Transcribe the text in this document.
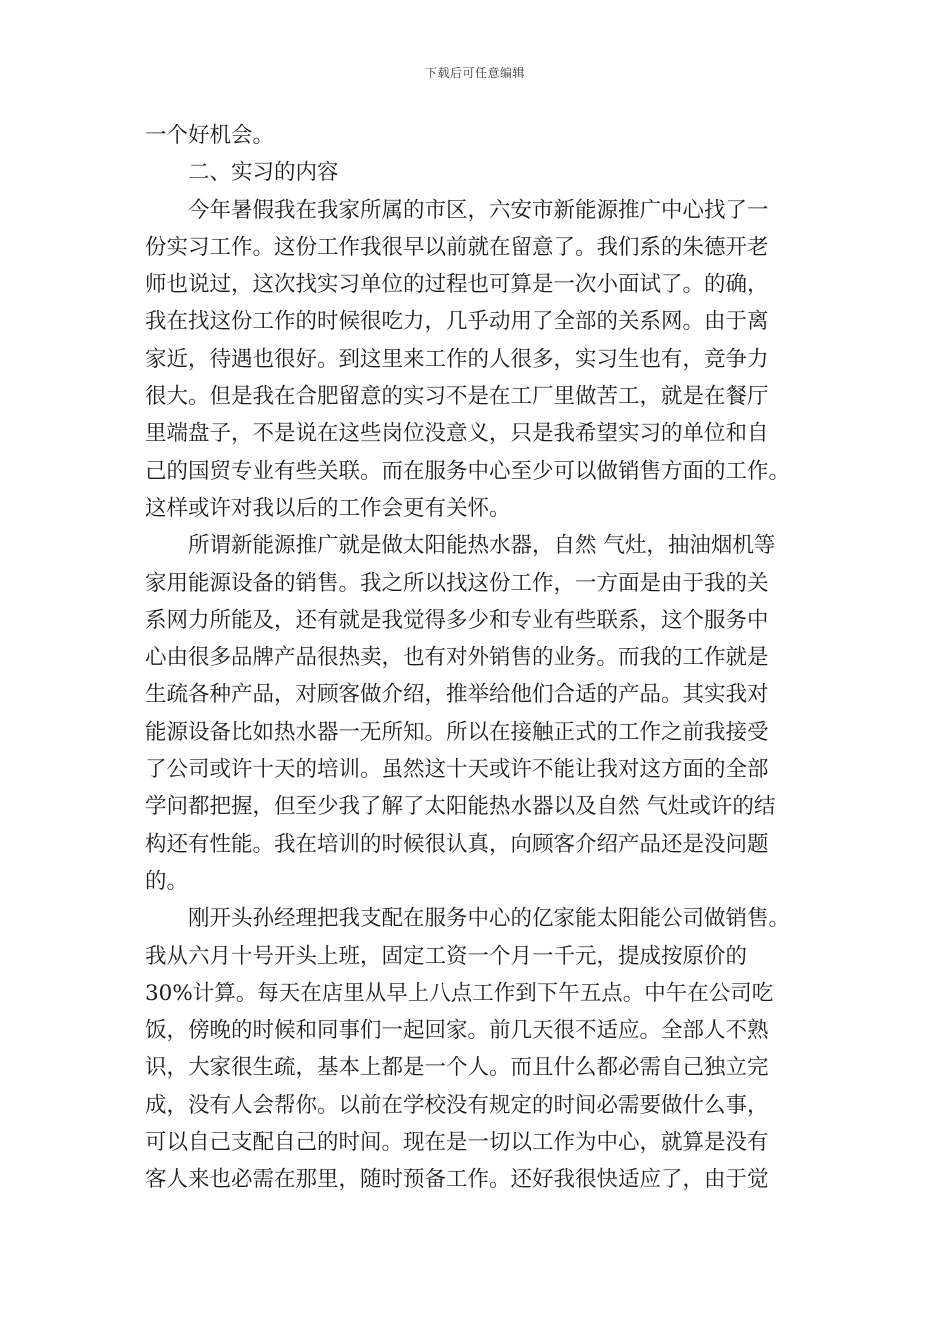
下载后可任意编辑
一个好机会。
二、实习的内容
今年暑假我在我家所属的市区，六安市新能源推广中心找了一
份实习工作。这份工作我很早以前就在留意了。我们系的朱德开老
师也说过，这次找实习单位的过程也可算是一次小面试了。的确，
我在找这份工作的时候很吃力，几乎动用了全部的关系网。由于离
家近，待遇也很好。到这里来工作的人很多，实习生也有，竞争力
很大。但是我在合肥留意的实习不是在工厂里做苦工，就是在餐厅
里端盘子，不是说在这些岗位没意义，只是我希望实习的单位和自
己的国贸专业有些关联。而在服务中心至少可以做销售方面的工作。
这样或许对我以后的工作会更有关怀。
所谓新能源推广就是做太阳能热水器，自然 气灶，抽油烟机等
家用能源设备的销售。我之所以找这份工作，一方面是由于我的关
系网力所能及，还有就是我觉得多少和专业有些联系，这个服务中
心由很多品牌产品很热卖，也有对外销售的业务。而我的工作就是
生疏各种产品，对顾客做介绍，推举给他们合适的产品。其实我对
能源设备比如热水器一无所知。所以在接触正式的工作之前我接受
了公司或许十天的培训。虽然这十天或许不能让我对这方面的全部
学问都把握，但至少我了解了太阳能热水器以及自然 气灶或许的结
构还有性能。我在培训的时候很认真，向顾客介绍产品还是没问题
的。
刚开头孙经理把我支配在服务中心的亿家能太阳能公司做销售。
我从六月十号开头上班，固定工资一个月一千元，提成按原价的
30%计算。每天在店里从早上八点工作到下午五点。中午在公司吃
饭，傍晚的时候和同事们一起回家。前几天很不适应。全部人不熟
识，大家很生疏，基本上都是一个人。而且什么都必需自己独立完
成，没有人会帮你。以前在学校没有规定的时间必需要做什么事，
可以自己支配自己的时间。现在是一切以工作为中心，就算是没有
客人来也必需在那里，随时预备工作。还好我很快适应了，由于觉
